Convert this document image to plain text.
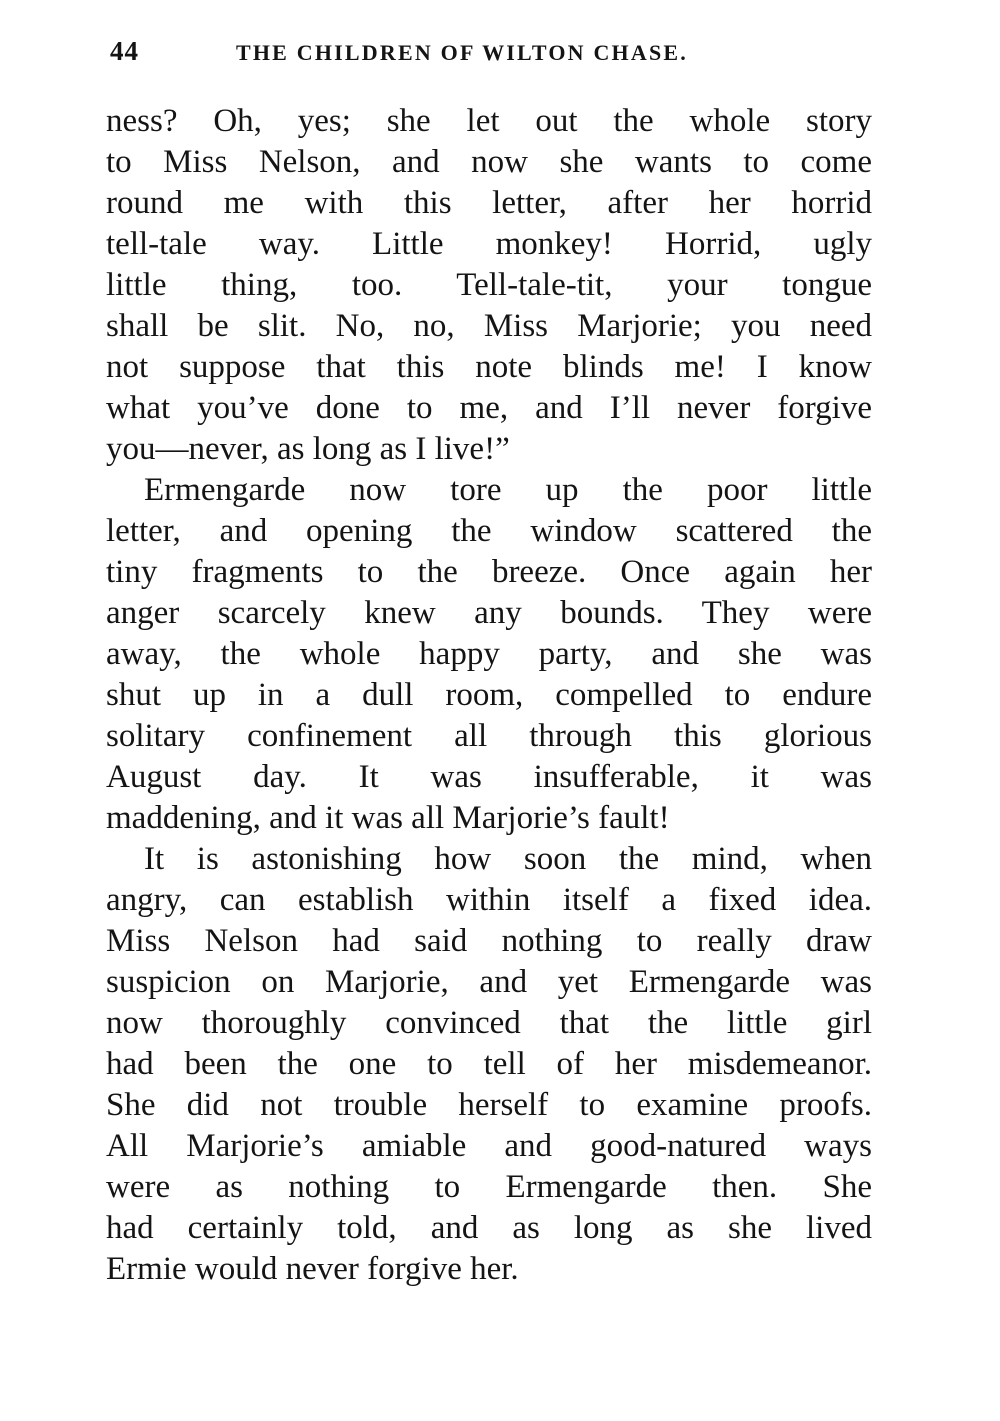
44	THE CHILDREN OF WILTON CHASE.
ness? Oh, yes; she let out the whole story
to Miss Nelson, and now she wants to come
round me with this letter, after her horrid
tell-tale way. Little monkey! Horrid, ugly
little thing, too. Tell-tale-tit, your tongue
shall be slit. No, no, Miss Marjorie; you need
not suppose that this note blinds me! I know
what you’ve done to me, and I’ll never forgive
you—never, as long as I live!”
Ermengarde now tore up the poor little
letter, and opening the window scattered the
tiny fragments to the breeze. Once again her
anger scarcely knew any bounds. They were
away, the whole happy party, and she was
shut up in a dull room, compelled to endure
solitary confinement all through this glorious
August day. It was insufferable, it was
maddening, and it was all Marjorie’s fault!
It is astonishing how soon the mind, when
angry, can establish within itself a fixed idea.
Miss Nelson had said nothing to really draw
suspicion on Marjorie, and yet Ermengarde was
now thoroughly convinced that the little girl
had been the one to tell of her misdemeanor.
She did not trouble herself to examine proofs.
All Marjorie’s amiable and good-natured ways
were as nothing to Ermengarde then. She
had certainly told, and as long as she lived
Ermie would never forgive her.
